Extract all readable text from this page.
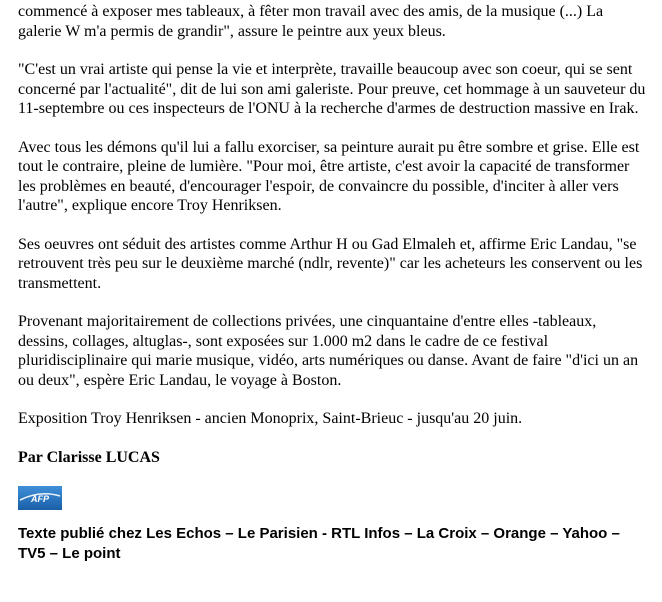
commencé à exposer mes tableaux, à fêter mon travail avec des amis, de la musique (...) La galerie W m'a permis de grandir", assure le peintre aux yeux bleus.

"C'est un vrai artiste qui pense la vie et interprète, travaille beaucoup avec son coeur, qui se sent concerné par l'actualité", dit de lui son ami galeriste. Pour preuve, cet hommage à un sauveteur du 11-septembre ou ces inspecteurs de l'ONU à la recherche d'armes de destruction massive en Irak.

Avec tous les démons qu'il lui a fallu exorciser, sa peinture aurait pu être sombre et grise. Elle est tout le contraire, pleine de lumière. "Pour moi, être artiste, c'est avoir la capacité de transformer les problèmes en beauté, d'encourager l'espoir, de convaincre du possible, d'inciter à aller vers l'autre", explique encore Troy Henriksen.

Ses oeuvres ont séduit des artistes comme Arthur H ou Gad Elmaleh et, affirme Eric Landau, "se retrouvent très peu sur le deuxième marché (ndlr, revente)" car les acheteurs les conservent ou les transmettent.

Provenant majoritairement de collections privées, une cinquantaine d'entre elles -tableaux, dessins, collages, altuglas-, sont exposées sur 1.000 m2 dans le cadre de ce festival pluridisciplinaire qui marie musique, vidéo, arts numériques ou danse. Avant de faire "d'ici un an ou deux", espère Eric Landau, le voyage à Boston.

Exposition Troy Henriksen - ancien Monoprix, Saint-Brieuc - jusqu'au 20 juin.

Par Clarisse LUCAS

AFP

Texte publié chez Les Echos – Le Parisien - RTL Infos – La Croix – Orange – Yahoo – TV5 – Le point
